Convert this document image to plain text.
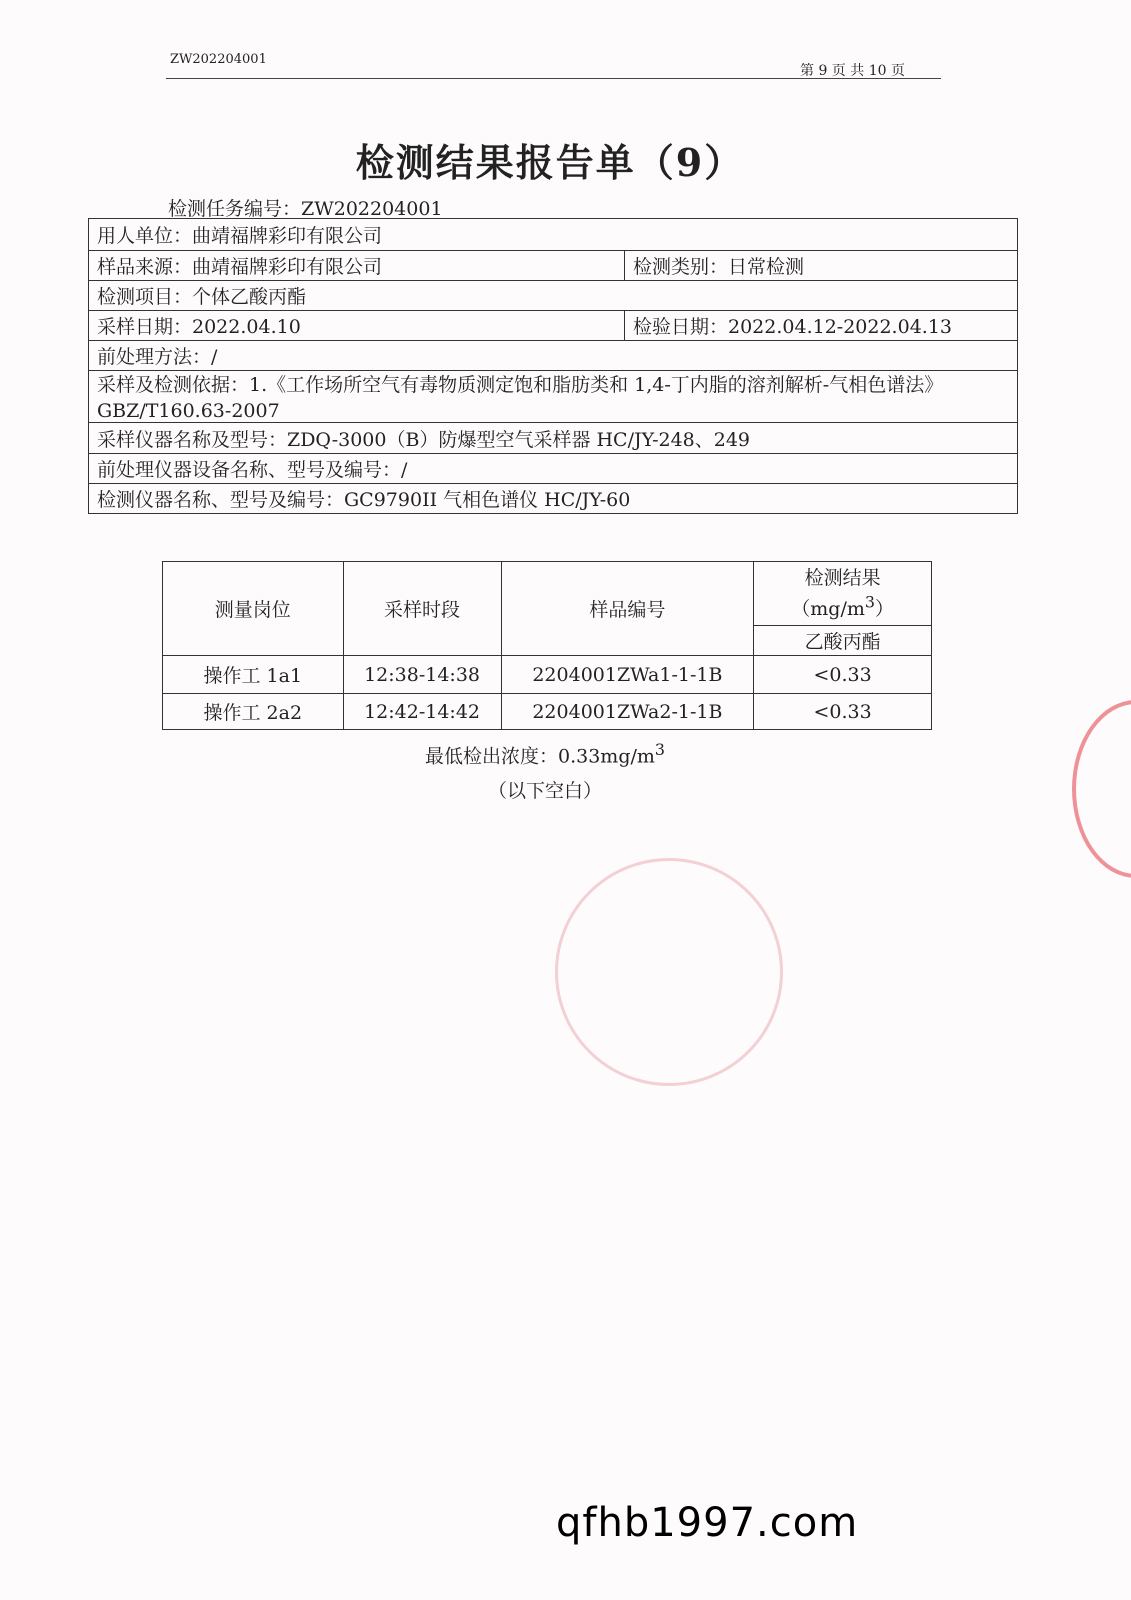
ZW202204001
第 9 页 共 10 页
检测结果报告单（9）
检测任务编号：ZW202204001
用人单位：曲靖福牌彩印有限公司
样品来源：曲靖福牌彩印有限公司	检测类别：日常检测
检测项目：个体乙酸丙酯
采样日期：2022.04.10	检验日期：2022.04.12-2022.04.13
前处理方法：/
采样及检测依据：1.《工作场所空气有毒物质测定饱和脂肪类和 1,4-丁内脂的溶剂解析-气相色谱法》GBZ/T160.63-2007
采样仪器名称及型号：ZDQ-3000（B）防爆型空气采样器 HC/JY-248、249
前处理仪器设备名称、型号及编号：/
检测仪器名称、型号及编号：GC9790II 气相色谱仪 HC/JY-60
测量岗位	采样时段	样品编号	检测结果
$(mg/m^3)$
			乙酸丙酯
操作工 1a1	12:38-14:38	2204001ZWa1-1-1B	<0.33
操作工 2a2	12:42-14:42	2204001ZWa2-1-1B	<0.33
最低检出浓度：$0.33mg/m^3$
（以下空白）
qfhb1997.com
